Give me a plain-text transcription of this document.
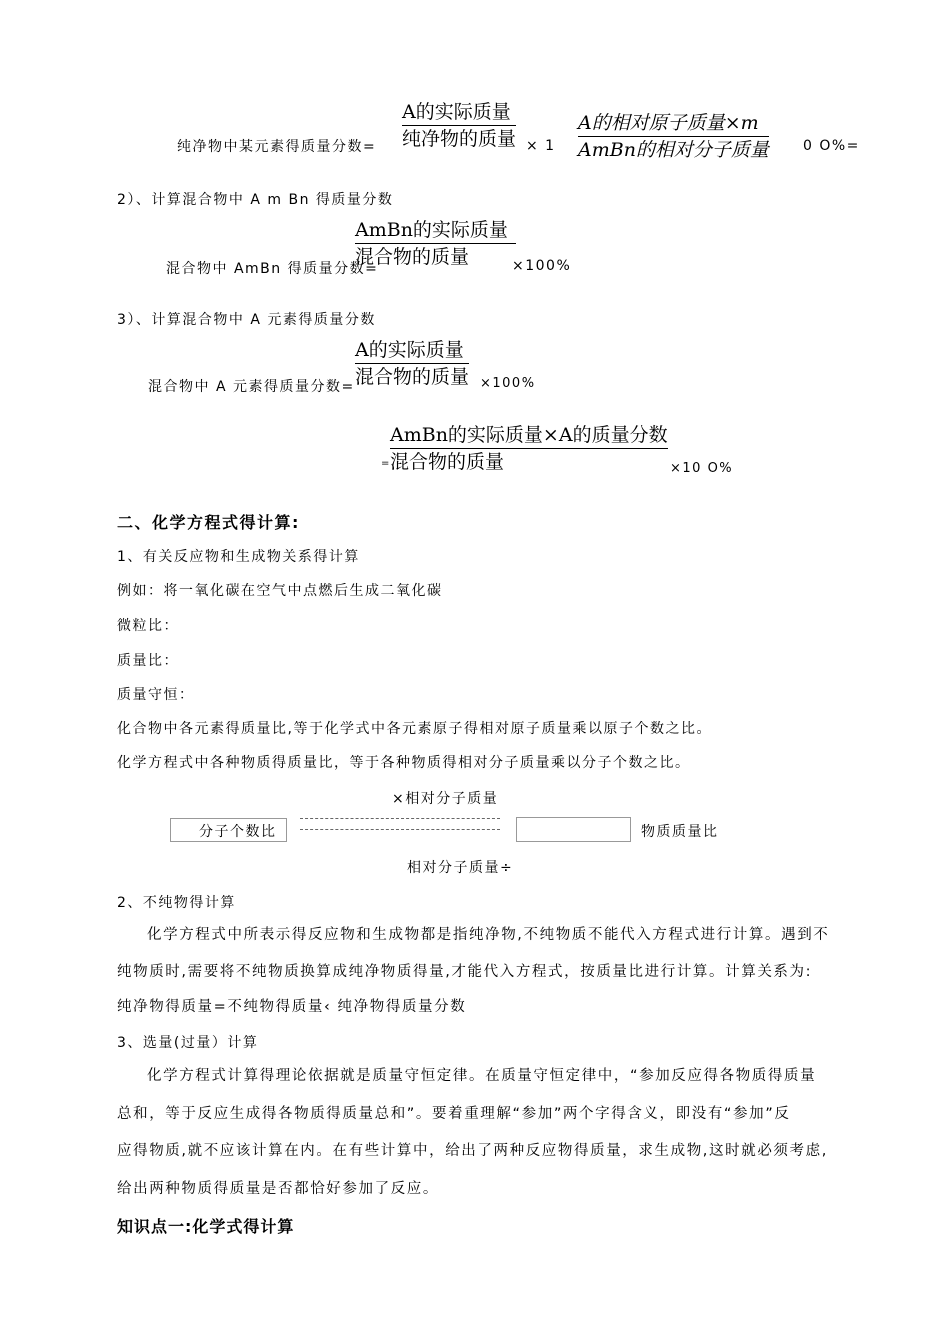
纯净物中某元素得质量分数=
A的实际质量
纯净物的质量 × 1
A的相对原子质量×m
AmBn的相对分子质量 0 O%=
2）、计算混合物中 A m Bn 得质量分数
混合物中 AmBn 得质量分数=
AmBn的实际质量
混合物的质量	×100%
3）、计算混合物中 A 元素得质量分数
混合物中 A 元素得质量分数=
A的实际质量
混合物的质量 ×100%
=
AmBn的实际质量×A的质量分数
混合物的质量	×10 O%
二、化学方程式得计算:
1、有关反应物和生成物关系得计算
例如：将一氧化碳在空气中点燃后生成二氧化碳
微粒比：
质量比：
质量守恒：
化合物中各元素得质量比,等于化学式中各元素原子得相对原子质量乘以原子个数之比。
化学方程式中各种物质得质量比，等于各种物质得相对分子质量乘以分子个数之比。
×相对分子质量
分子个数比	物质质量比
相对分子质量÷
2、不纯物得计算
化学方程式中所表示得反应物和生成物都是指纯净物,不纯物质不能代入方程式进行计算。遇到不
纯物质时,需要将不纯物质换算成纯净物质得量,才能代入方程式，按质量比进行计算。计算关系为:
纯净物得质量=不纯物得质量‹ 纯净物得质量分数
3、选量(过量）计算
化学方程式计算得理论依据就是质量守恒定律。在质量守恒定律中，“参加反应得各物质得质量
总和，等于反应生成得各物质得质量总和”。要着重理解“参加”两个字得含义，即没有“参加”反
应得物质,就不应该计算在内。在有些计算中，给出了两种反应物得质量，求生成物,这时就必须考虑,
给出两种物质得质量是否都恰好参加了反应。
知识点一:化学式得计算
